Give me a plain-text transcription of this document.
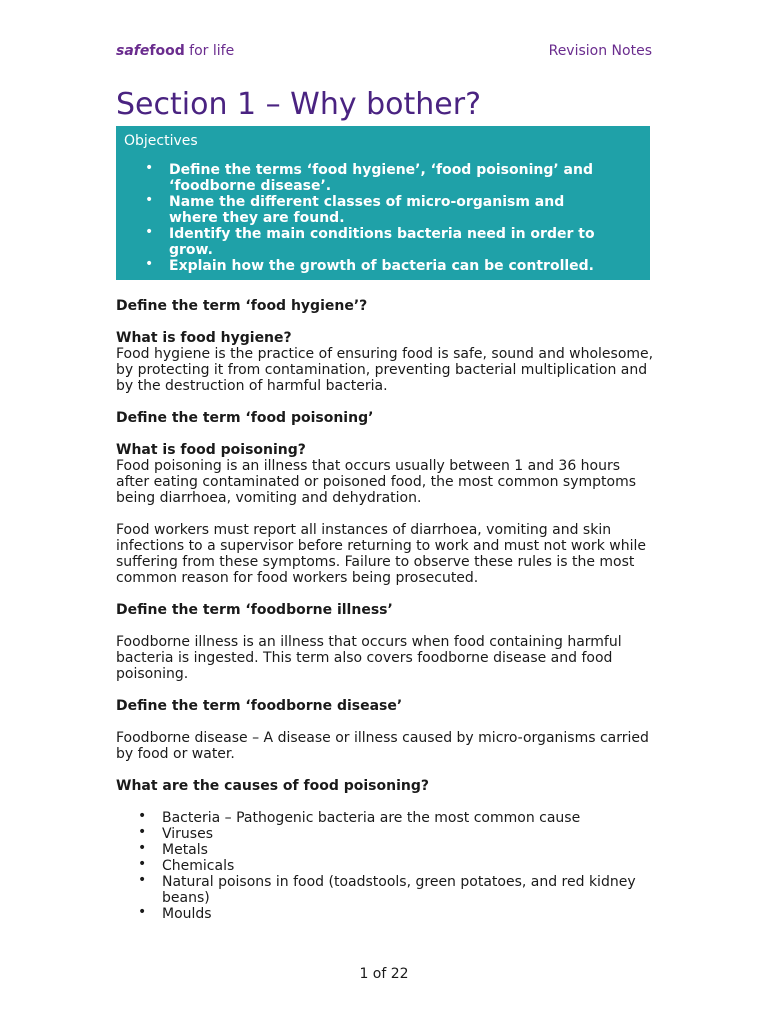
safefood for life	Revision Notes
Section 1 – Why bother?
Objectives
• Define the terms ‘food hygiene’, ‘food poisoning’ and ‘foodborne disease’.
• Name the different classes of micro-organism and where they are found.
• Identify the main conditions bacteria need in order to grow.
• Explain how the growth of bacteria can be controlled.
Define the term ‘food hygiene’?
What is food hygiene?

Food hygiene is the practice of ensuring food is safe, sound and wholesome, by protecting it from contamination, preventing bacterial multiplication and by the destruction of harmful bacteria.

Define the term ‘food poisoning’
What is food poisoning?

Food poisoning is an illness that occurs usually between 1 and 36 hours after eating contaminated or poisoned food, the most common symptoms being diarrhoea, vomiting and dehydration.

Food workers must report all instances of diarrhoea, vomiting and skin infections to a supervisor before returning to work and must not work while suffering from these symptoms. Failure to observe these rules is the most common reason for food workers being prosecuted.

Define the term ‘foodborne illness’

Foodborne illness is an illness that occurs when food containing harmful bacteria is ingested. This term also covers foodborne disease and food poisoning.

Define the term ‘foodborne disease’

Foodborne disease – A disease or illness caused by micro-organisms carried by food or water.

What are the causes of food poisoning?
• Bacteria – Pathogenic bacteria are the most common cause
• Viruses
• Metals
• Chemicals
• Natural poisons in food (toadstools, green potatoes, and red kidney beans)
• Moulds
1 of 22
